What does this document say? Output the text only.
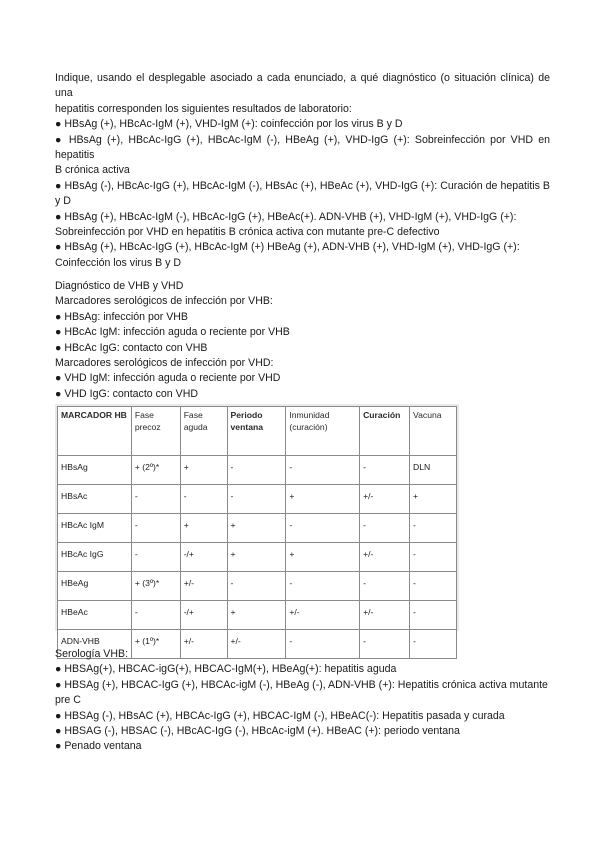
Indique, usando el desplegable asociado a cada enunciado, a qué diagnóstico (o situación clínica) de una
hepatitis corresponden los siguientes resultados de laboratorio:
● HBsAg (+), HBcAc-IgM (+), VHD-IgM (+): coinfección por los virus B y D
● HBsAg (+), HBcAc-IgG (+), HBcAc-IgM (-), HBeAg (+), VHD-IgG (+): Sobreinfección por VHD en hepatitis
B crónica activa
● HBsAg (-), HBcAc-IgG (+), HBcAc-IgM (-), HBsAc (+), HBeAc (+), VHD-IgG (+): Curación de hepatitis B y D
● HBsAg (+), HBcAc-IgM (-), HBcAc-IgG (+), HBeAc(+). ADN-VHB (+), VHD-IgM (+), VHD-IgG (+):
Sobreinfección por VHD en hepatitis B crónica activa con mutante pre-C defectivo
● HBsAg (+), HBcAc-IgG (+), HBcAc-IgM (+) HBeAg (+), ADN-VHB (+), VHD-IgM (+), VHD-IgG (+):
Coinfección los virus B y D
Diagnóstico de VHB y VHD
Marcadores serológicos de infección por VHB:
● HBsAg: infección por VHB
● HBcAc IgM: infección aguda o reciente por VHB
● HBcAc IgG: contacto con VHB
Marcadores serológicos de infección por VHD:
● VHD IgM: infección aguda o reciente por VHD
● VHD IgG: contacto con VHD
MARCADOR HB	Fase precoz	Fase aguda	Periodo ventana	Inmunidad (curación)	Curación	Vacuna
HBsAg	+ (2º)*	+	-	-	-	DLN
HBsAc	-	-	-	+	+/-	+
HBcAc IgM	-	+	+	-	-	-
HBcAc IgG	-	-/+	+	+	+/-	-
HBeAg	+ (3º)*	+/-	-	-	-	-
HBeAc	-	-/+	+	+/-	+/-	-
ADN-VHB	+ (1º)*	+/-	+/-	-	-	-
Serología VHB:
● HBSAg(+), HBCAC-igG(+), HBCAC-IgM(+), HBeAg(+): hepatitis aguda
● HBSAg (+), HBCAC-IgG (+), HBCAc-igM (-), HBeAg (-), ADN-VHB (+): Hepatitis crónica activa mutante
pre C
● HBSAg (-), HBsAC (+), HBCAc-IgG (+), HBCAC-IgM (-), HBeAC(-): Hepatitis pasada y curada
● HBSAG (-), HBSAC (-), HBcAC-IgG (-), HBcAc-igM (+). HBeAC (+): periodo ventana
● Penado ventana
